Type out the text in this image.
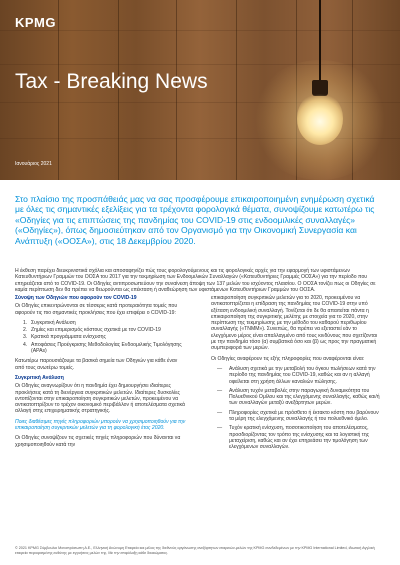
KPMG
Tax - Breaking News
Ιανουάριος 2021
Στο πλαίσιο της προσπάθειάς μας να σας προσφέρουμε επικαιροποιημένη ενημέρωση σχετικά με όλες τις σημαντικές εξελίξεις για τα τρέχοντα φορολογικά θέματα, συνοψίζουμε κατωτέρω τις «Οδηγίες για τις επιπτώσεις της πανδημίας του COVID-19 στις ενδοομιλικές συναλλαγές» («Οδηγίες»), όπως δημοσιεύτηκαν από τον Οργανισμό για την Οικονομική Συνεργασία και Ανάπτυξη («ΟΟΣΑ»), στις 18 Δεκεμβρίου 2020.
Η έκθεση παρέχει διευκρινιστικά σχόλια και αποσαφηνίζει πώς τους φορολογούμενους και τις φορολογικές αρχές για την εφαρμογή των υφιστάμενων Κατευθυντήριων Γραμμών του ΟΟΣΑ του 2017 για την τεκμηρίωση των Ενδοομιλικών Συναλλαγών («Κατευθυντήριες Γραμμές ΟΟΣΑ») για την περίοδο που επηρεάζεται από το COVID-19. Οι Οδηγίες αντιπροσωπεύουν την συναίνεση άποψη των 137 μελών του ισχύοντος πλαισίου. Ο ΟΟΣΑ τονίζει πως οι Οδηγίες σε καμία περίπτωση δεν θα πρέπει να θεωρούνται ως επέκταση ή αναθεώρηση των υφιστάμενων Κατευθυντήριων Γραμμών του ΟΟΣΑ.
Σύνοψη των Οδηγιών που αφορούν τον COVID-19

Οι Οδηγίες επικεντρώνονται σε τέσσερις κατά προτεραιότητα τομείς που αφορούν τις πιο σημαντικές προκλήσεις που έχει επιφέρει ο COVID-19:

1. Συγκριτική Ανάλυση
2. Ζημίες και επιμερισμός κόστους σχετικά με τον COVID-19
3. Κρατικά προγράμματα ενίσχυσης
4. Αποφάσεις Προέγκρισης Μεθοδολογίας Ενδοομιλικής Τιμολόγησης (APAs)

Κατωτέρω παρουσιάζουμε τα βασικά σημεία των Οδηγιών για κάθε έναν από τους ανωτέρω τομείς.

Συγκριτική Ανάλυση

Οι Οδηγίες αναγνωρίζουν ότι η πανδημία έχει δημιουργήσει ιδιαίτερες προκλήσεις κατά τη διενέργεια συγκριτικών μελετών. Ιδιαίτερες δυσκολίες εντοπίζονται στην επικαιροποίηση συγκριτικών μελετών, προκειμένου να αντικατοπτρίζουν το τρέχον οικονομικό περιβάλλον ή αποτελέσματα σχετικά αλλαγή στης επιχειρηματικής στρατηγικής.

Ποιες διαθέσιμες πηγές πληροφοριών μπορούν να χρησιμοποιηθούν για την επικαιροποίηση συγκριτικών μελετών για τη φορολογική έτος 2020.

Οι Οδηγίες συνοψίζουν τις σχετικές πηγές πληροφοριών που δύνανται να χρησιμοποιηθούν κατά την

επικαιροποίηση συγκριτικών μελετών για το 2020, προκειμένου να αντικατοπτρίζεται η επίδραση της πανδημίας του COVID-19 στην υπό εξέταση ενδοομιλική συναλλαγή. Τονίζεται ότι δε θα απαιτείται πάντα η επικαιροποίηση της συγκριτικής μελέτης με στοιχεία για το 2020, στην περίπτωση της τεκμηρίωσης με την μέθοδο του καθαρού περιθωρίου συναλλαγής («TNMM»). Συνεπώς, θα πρέπει να εξεταστεί εάν το ελεγχόμενο μέρος είναι απαλλαγμένο από τους κινδύνους που σχετίζονται με την πανδημία τόσο (α) συμβατικά όσο και (β) ως προς την πραγματική συμπεριφορά των μερών.

Οι Οδηγίες αναφέρουν τις εξής πληροφορίες που αναφέρονται είναι:

—	Ανάλυση σχετικά με την μεταβολή του όγκου πωλήσεων κατά την περίοδο της πανδημίας του COVID-19, καθώς και αν η αλλαγή οφείλεται στη χρήση άλλων καναλιών πώλησης.
—	Ανάλυση τυχόν μεταβολές στην παραγωγική δυναμικότητα του Πολυεθνικού Ομίλου και της ελεγχόμενης συναλλαγής, καθώς και/ή των συναλλαγών μεταξύ ανεξάρτητων μερών.
—	Πληροφορίες σχετικά με πρόσθετο ή έκτακτο κόστη που βαρύνουν τα μέρη της ελεγχόμενης συναλλαγής ή του πολυεθνικό όμιλο.
—	Τυχόν κρατική ενίσχυση, ποσοτικοποίηση του αποτελέσματος, προσδιορίζοντας τον τρόπο της ενίσχυσης και τα λογιστική της μεταχείριση, καθώς και αν έχει επηρεάσει την τιμολόγηση των ελεγχόμενων συναλλαγών.
© 2021 KPMG Σύμβουλοι Μονοπρόσωπη Α.Ε., Ελληνική Ανώνυμη Εταιρεία και μέλος της διεθνούς οργάνωσης ανεξάρτητων εταιρειών-μελών της KPMG συνδεδεμένων με την KPMG International Limited, ιδιωτική Αγγλική εταιρεία περιορισμένης ευθύνης με εγγυήσεις μελών της. Με την επιφύλαξη κάθε δικαιώματος.
